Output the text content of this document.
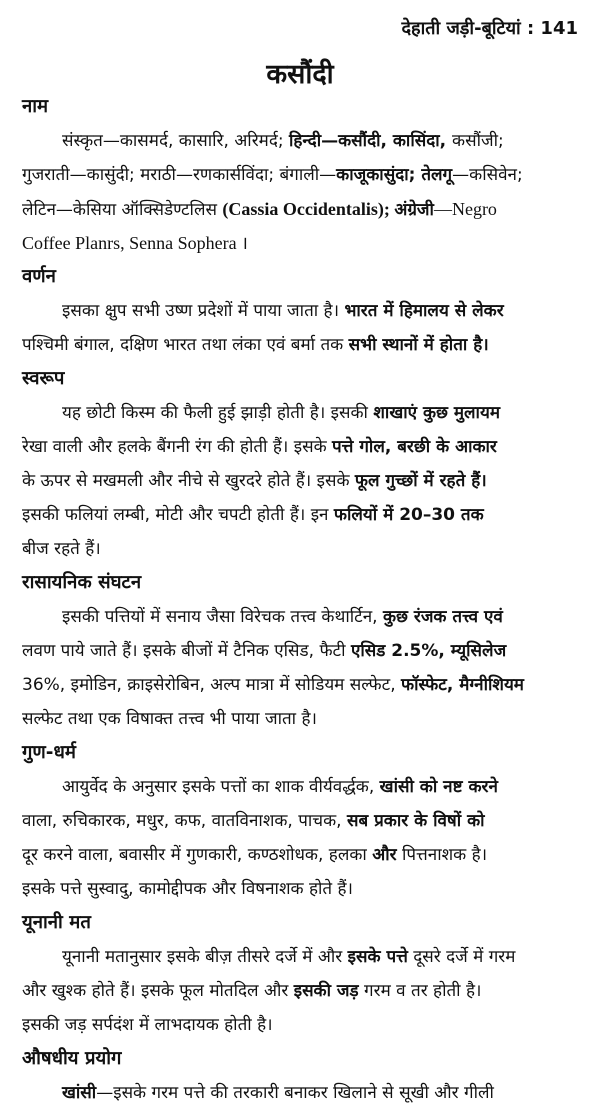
देहाती जड़ी-बूटियां : 141
कसौंदी
नाम
संस्कृत—कासमर्द, कासारि, अरिमर्द; हिन्दी—कसौंदी, कासिंदा, कसौंजी;
गुजराती—कासुंदी; मराठी—रणकार्सविंदा; बंगाली—काजूकासुंदा; तेलगू—कसिवेन;
लेटिन—केसिया ऑक्सिडेण्टलिस (Cassia Occidentalis); अंग्रेजी—Negro
Coffee Planrs, Senna Sophera ।
वर्णन
इसका क्षुप सभी उष्ण प्रदेशों में पाया जाता है। भारत में हिमालय से लेकर
पश्चिमी बंगाल, दक्षिण भारत तथा लंका एवं बर्मा तक सभी स्थानों में होता है।
स्वरूप
यह छोटी किस्म की फैली हुई झाड़ी होती है। इसकी शाखाएं कुछ मुलायम
रेखा वाली और हलके बैंगनी रंग की होती हैं। इसके पत्ते गोल, बरछी के आकार
के ऊपर से मखमली और नीचे से खुरदरे होते हैं। इसके फूल गुच्छों में रहते हैं।
इसकी फलियां लम्बी, मोटी और चपटी होती हैं। इन फलियों में 20–30 तक
बीज रहते हैं।
रासायनिक संघटन
इसकी पत्तियों में सनाय जैसा विरेचक तत्त्व केथार्टिन, कुछ रंजक तत्त्व एवं
लवण पाये जाते हैं। इसके बीजों में टैनिक एसिड, फैटी एसिड 2.5%, म्यूसिलेज
36%, इमोडिन, क्राइसेरोबिन, अल्प मात्रा में सोडियम सल्फेट, फॉस्फेट, मैग्नीशियम
सल्फेट तथा एक विषाक्त तत्त्व भी पाया जाता है।
गुण-धर्म
आयुर्वेद के अनुसार इसके पत्तों का शाक वीर्यवर्द्धक, खांसी को नष्ट करने
वाला, रुचिकारक, मधुर, कफ, वातविनाशक, पाचक, सब प्रकार के विषों को
दूर करने वाला, बवासीर में गुणकारी, कण्ठशोधक, हलका और पित्तनाशक है।
इसके पत्ते सुस्वादु, कामोद्दीपक और विषनाशक होते हैं।
यूनानी मत
यूनानी मतानुसार इसके बीज़ तीसरे दर्जे में और इसके पत्ते दूसरे दर्जे में गरम
और खुश्क होते हैं। इसके फूल मोतदिल और इसकी जड़ गरम व तर होती है।
इसकी जड़ सर्पदंश में लाभदायक होती है।
औषधीय प्रयोग
खांसी—इसके गरम पत्ते की तरकारी बनाकर खिलाने से सूखी और गीली
